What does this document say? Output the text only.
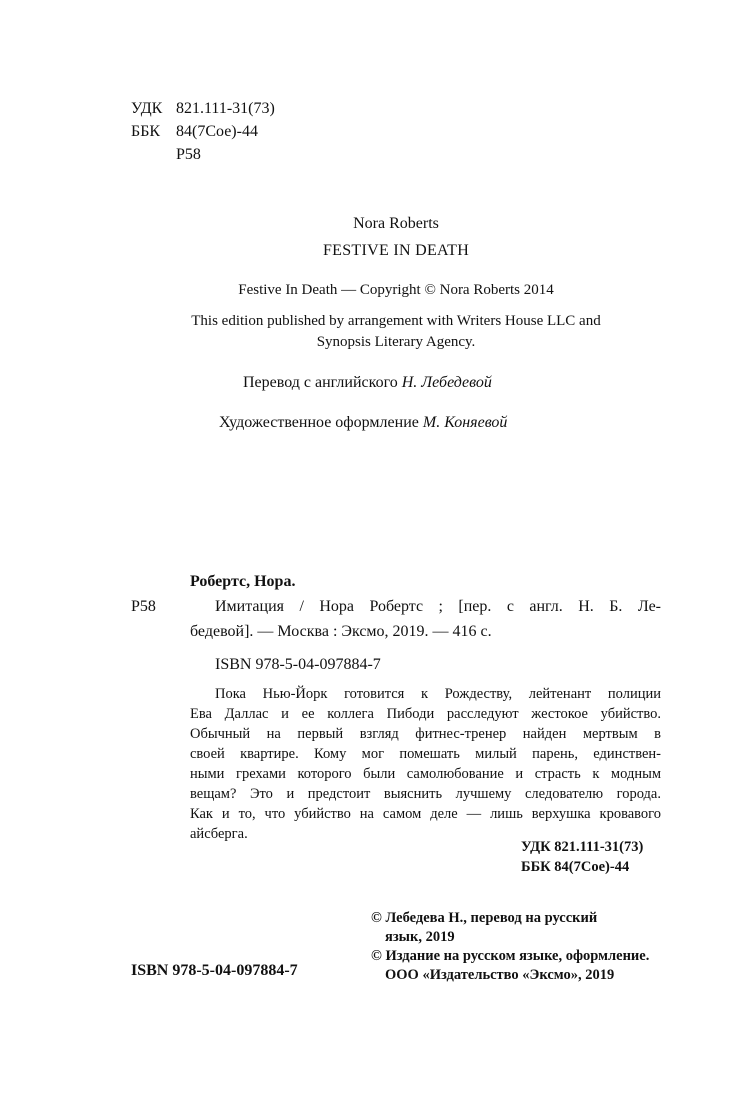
УДК 821.111-31(73)
ББК 84(7Сое)-44
Р58
Nora Roberts
FESTIVE IN DEATH
Festive In Death — Copyright © Nora Roberts 2014
This edition published by arrangement with Writers House LLC and
Synopsis Literary Agency.
Перевод с английского Н. Лебедевой
Художественное оформление М. Коняевой
Робертс, Нора.
Р58	Имитация / Нора Робертс ; [пер. с англ. Н. Б. Ле-
бедевой]. — Москва : Эксмо, 2019. — 416 с.
ISBN 978-5-04-097884-7
Пока Нью-Йорк готовится к Рождеству, лейтенант полиции
Ева Даллас и ее коллега Пибоди расследуют жестокое убийство.
Обычный на первый взгляд фитнес-тренер найден мертвым в
своей квартире. Кому мог помешать милый парень, единствен-
ными грехами которого были самолюбование и страсть к модным
вещам? Это и предстоит выяснить лучшему следователю города.
Как и то, что убийство на самом деле — лишь верхушка кровавого
айсберга.
УДК 821.111-31(73)
ББК 84(7Сое)-44
ISBN 978-5-04-097884-7
© Лебедева Н., перевод на русский
язык, 2019
© Издание на русском языке, оформление.
ООО «Издательство «Эксмо», 2019
